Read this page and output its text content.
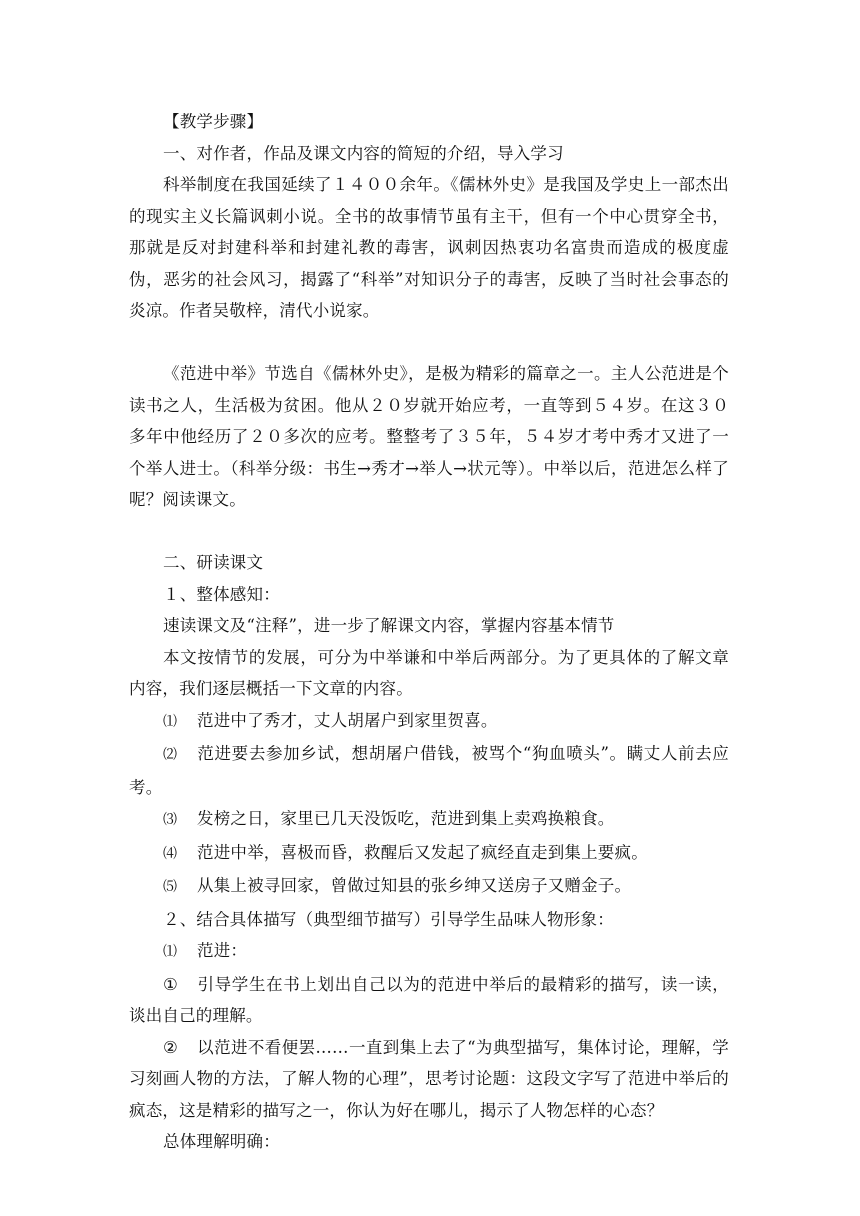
【教学步骤】

一、对作者，作品及课文内容的简短的介绍，导入学习

科举制度在我国延续了１４００余年。《儒林外史》是我国及学史上一部杰出的现实主义长篇讽刺小说。全书的故事情节虽有主干，但有一个中心贯穿全书，那就是反对封建科举和封建礼教的毒害，讽刺因热衷功名富贵而造成的极度虚伪，恶劣的社会风习，揭露了“科举”对知识分子的毒害，反映了当时社会事态的炎凉。作者吴敬梓，清代小说家。

《范进中举》节选自《儒林外史》，是极为精彩的篇章之一。主人公范进是个读书之人，生活极为贫困。他从２０岁就开始应考，一直等到５４岁。在这３０多年中他经历了２０多次的应考。整整考了３５年，５４岁才考中秀才又进了一个举人进士。（科举分级：书生→秀才→举人→状元等）。中举以后，范进怎么样了呢？阅读课文。

二、研读课文

１、整体感知：

速读课文及“注释”，进一步了解课文内容，掌握内容基本情节

本文按情节的发展，可分为中举谦和中举后两部分。为了更具体的了解文章内容，我们逐层概括一下文章的内容。

⑴ 范进中了秀才，丈人胡屠户到家里贺喜。

⑵ 范进要去参加乡试，想胡屠户借钱，被骂个“狗血喷头”。瞒丈人前去应考。

⑶ 发榜之日，家里已几天没饭吃，范进到集上卖鸡换粮食。

⑷ 范进中举，喜极而昏，救醒后又发起了疯经直走到集上要疯。

⑸ 从集上被寻回家，曾做过知县的张乡绅又送房子又赠金子。

２、结合具体描写（典型细节描写）引导学生品味人物形象：

⑴ 范进：

① 引导学生在书上划出自己以为的范进中举后的最精彩的描写，读一读，谈出自己的理解。

② 以范进不看便罢……一直到集上去了“为典型描写，集体讨论，理解，学习刻画人物的方法，了解人物的心理”，思考讨论题：这段文字写了范进中举后的疯态，这是精彩的描写之一，你认为好在哪儿，揭示了人物怎样的心态？

总体理解明确：
